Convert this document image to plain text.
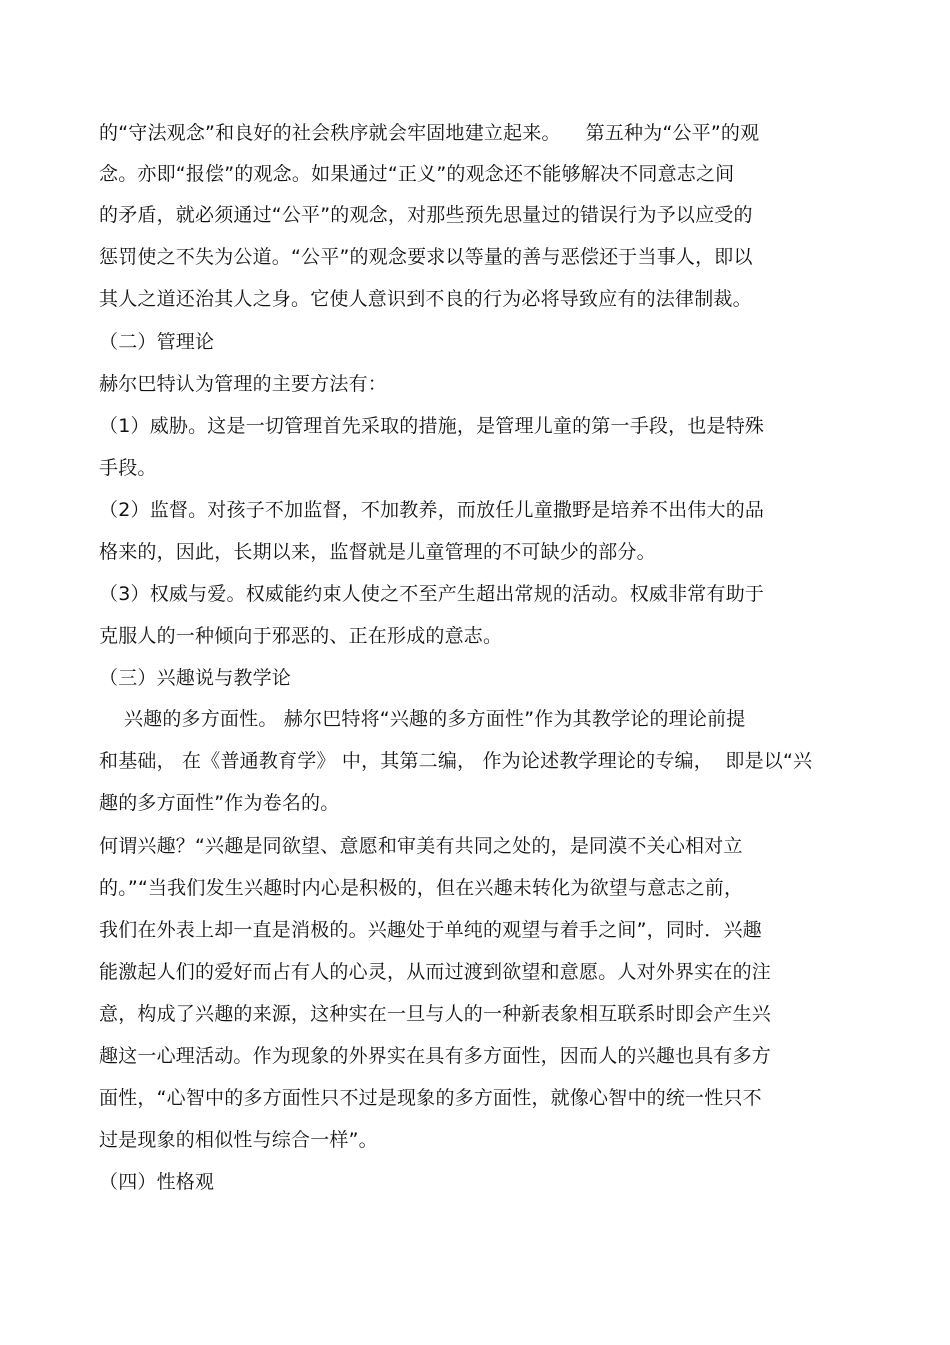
的“守法观念”和良好的社会秩序就会牢固地建立起来。    第五种为“公平”的观
念。亦即“报偿”的观念。如果通过“正义”的观念还不能够解决不同意志之间
的矛盾，就必须通过“公平”的观念，对那些预先思量过的错误行为予以应受的
惩罚使之不失为公道。“公平”的观念要求以等量的善与恶偿还于当事人，即以
其人之道还治其人之身。它使人意识到不良的行为必将导致应有的法律制裁。
（二）管理论
赫尔巴特认为管理的主要方法有：
（1）威胁。这是一切管理首先采取的措施，是管理儿童的第一手段，也是特殊
手段。
（2）监督。对孩子不加监督，不加教养，而放任儿童撒野是培养不出伟大的品
格来的，因此，长期以来，监督就是儿童管理的不可缺少的部分。
（3）权威与爱。权威能约束人使之不至产生超出常规的活动。权威非常有助于
克服人的一种倾向于邪恶的、正在形成的意志。
（三）兴趣说与教学论
兴趣的多方面性。 赫尔巴特将“兴趣的多方面性”作为其教学论的理论前提
和基础， 在《普通教育学》 中，其第二编， 作为论述教学理论的专编，  即是以“兴
趣的多方面性”作为卷名的。
何谓兴趣？“兴趣是同欲望、意愿和审美有共同之处的，是同漠不关心相对立
的。”“当我们发生兴趣时内心是积极的，但在兴趣未转化为欲望与意志之前，
我们在外表上却一直是消极的。兴趣处于单纯的观望与着手之间”，同时．兴趣
能激起人们的爱好而占有人的心灵，从而过渡到欲望和意愿。人对外界实在的注
意，构成了兴趣的来源，这种实在一旦与人的一种新表象相互联系时即会产生兴
趣这一心理活动。作为现象的外界实在具有多方面性，因而人的兴趣也具有多方
面性，“心智中的多方面性只不过是现象的多方面性，就像心智中的统一性只不
过是现象的相似性与综合一样”。
（四）性格观
